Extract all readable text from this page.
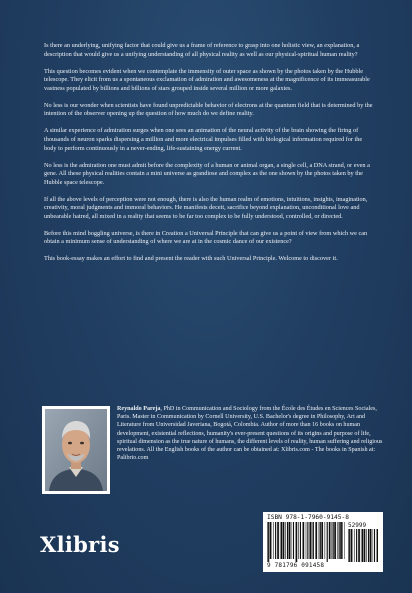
Is there an underlying, unifying factor that could give us a frame of reference to grasp into one holistic view, an explanation, a description that would give us a unifying understanding of all physical reality as well as our physical-spiritual human reality?

This question becomes evident when we contemplate the immensity of outer space as shown by the photos taken by the Hubble telescope. They elicit from us a spontaneous exclamation of admiration and awesomeness at the magnificence of its immeasurable vastness populated by billions and billions of stars grouped inside several million or more galaxies.

No less is our wonder when scientists have found unpredictable behavior of electrons at the quantum field that is determined by the intention of the observer opening up the question of how much do we define reality.

A similar experience of admiration surges when one sees an animation of the neural activity of the brain showing the firing of thousands of neuron sparks dispersing a million and more electrical impulses filled with biological information required for the body to perform continuously in a never-ending, life-sustaining energy current.

No less is the admiration one must admit before the complexity of a human or animal organ, a single cell, a DNA strand, or even a gene. All these physical realities contain a mini universe as grandiose and complex as the one shown by the photos taken by the Hubble space telescope.

If all the above levels of perception were not enough, there is also the human realm of emotions, intuitions, insights, imagination, creativity, moral judgments and immoral behaviors. He manifests deceit, sacrifice beyond explanation, unconditional love and unbearable hatred, all mixed in a reality that seems to be far too complex to be fully understood, controlled, or directed.

Before this mind boggling universe, is there in Creation a Universal Principle that can give us a point of view from which we can obtain a minimum sense of understanding of where we are at in the cosmic dance of our existence?

This book-essay makes an effort to find and present the reader with such Universal Principle. Welcome to discover it.

Reynaldo Pareja, PhD in Communication and Sociology from the École des Études en Sciences Sociales, Paris. Master in Communication by Cornell University, U.S. Bachelor's degree in Philosophy, Art and Literature from Universidad Javeriana, Bogotá, Colombia. Author of more than 16 books on human development, existential reflections, humanity's ever-present questions of its origins and purpose of life, spiritual dimension as the true nature of humans, the different levels of reality, human suffering and religious revelations. All the English books of the author can be obtained at: Xlibris.com - The books in Spanish at: Palibrio.com
Xlibris
ISBN 978-1-7960-9145-8
52999
9 781796 091458
